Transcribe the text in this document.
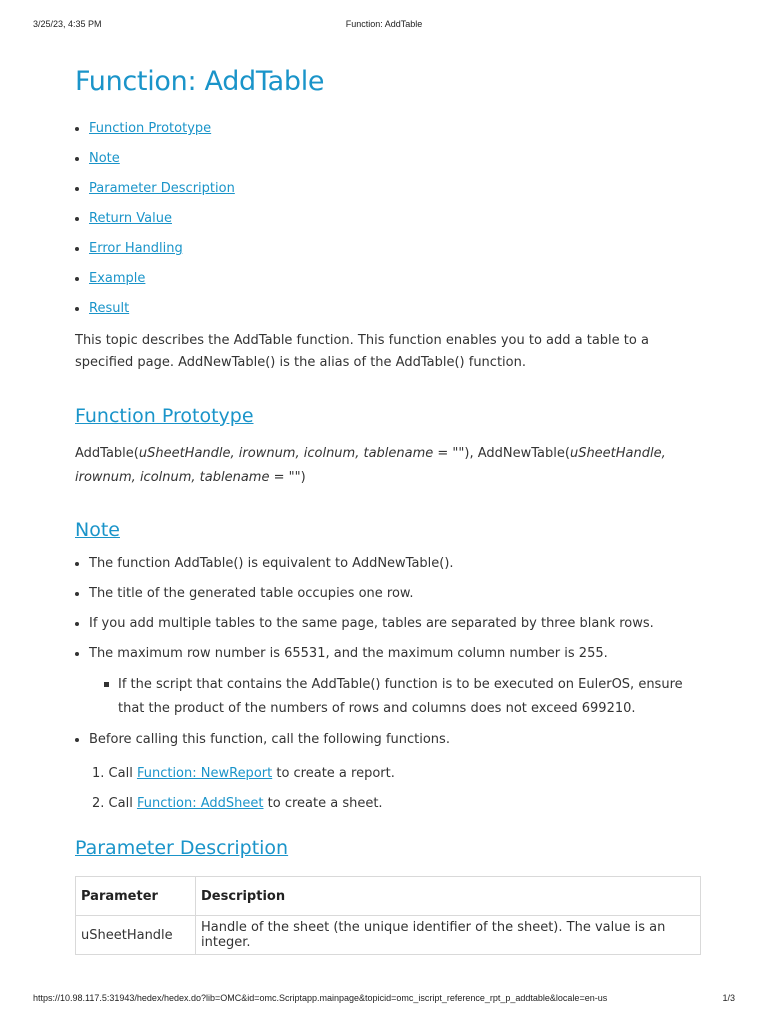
3/25/23, 4:35 PM	Function: AddTable
Function: AddTable
Function Prototype
Note
Parameter Description
Return Value
Error Handling
Example
Result

This topic describes the AddTable function. This function enables you to add a table to a specified page. AddNewTable() is the alias of the AddTable() function.

Function Prototype

AddTable(uSheetHandle, irownum, icolnum, tablename = ""), AddNewTable(uSheetHandle, irownum, icolnum, tablename = "")

Note
The function AddTable() is equivalent to AddNewTable().
The title of the generated table occupies one row.
If you add multiple tables to the same page, tables are separated by three blank rows.
The maximum row number is 65531, and the maximum column number is 255.
If the script that contains the AddTable() function is to be executed on EulerOS, ensure that the product of the numbers of rows and columns does not exceed 699210.
Before calling this function, call the following functions.
1. Call Function: NewReport to create a report.
2. Call Function: AddSheet to create a sheet.
Parameter Description
Parameter	Description
uSheetHandle	Handle of the sheet (the unique identifier of the sheet). The value is an integer.
https://10.98.117.5:31943/hedex/hedex.do?lib=OMC&id=omc.Scriptapp.mainpage&topicid=omc_iscript_reference_rpt_p_addtable&locale=en-us	1/3
